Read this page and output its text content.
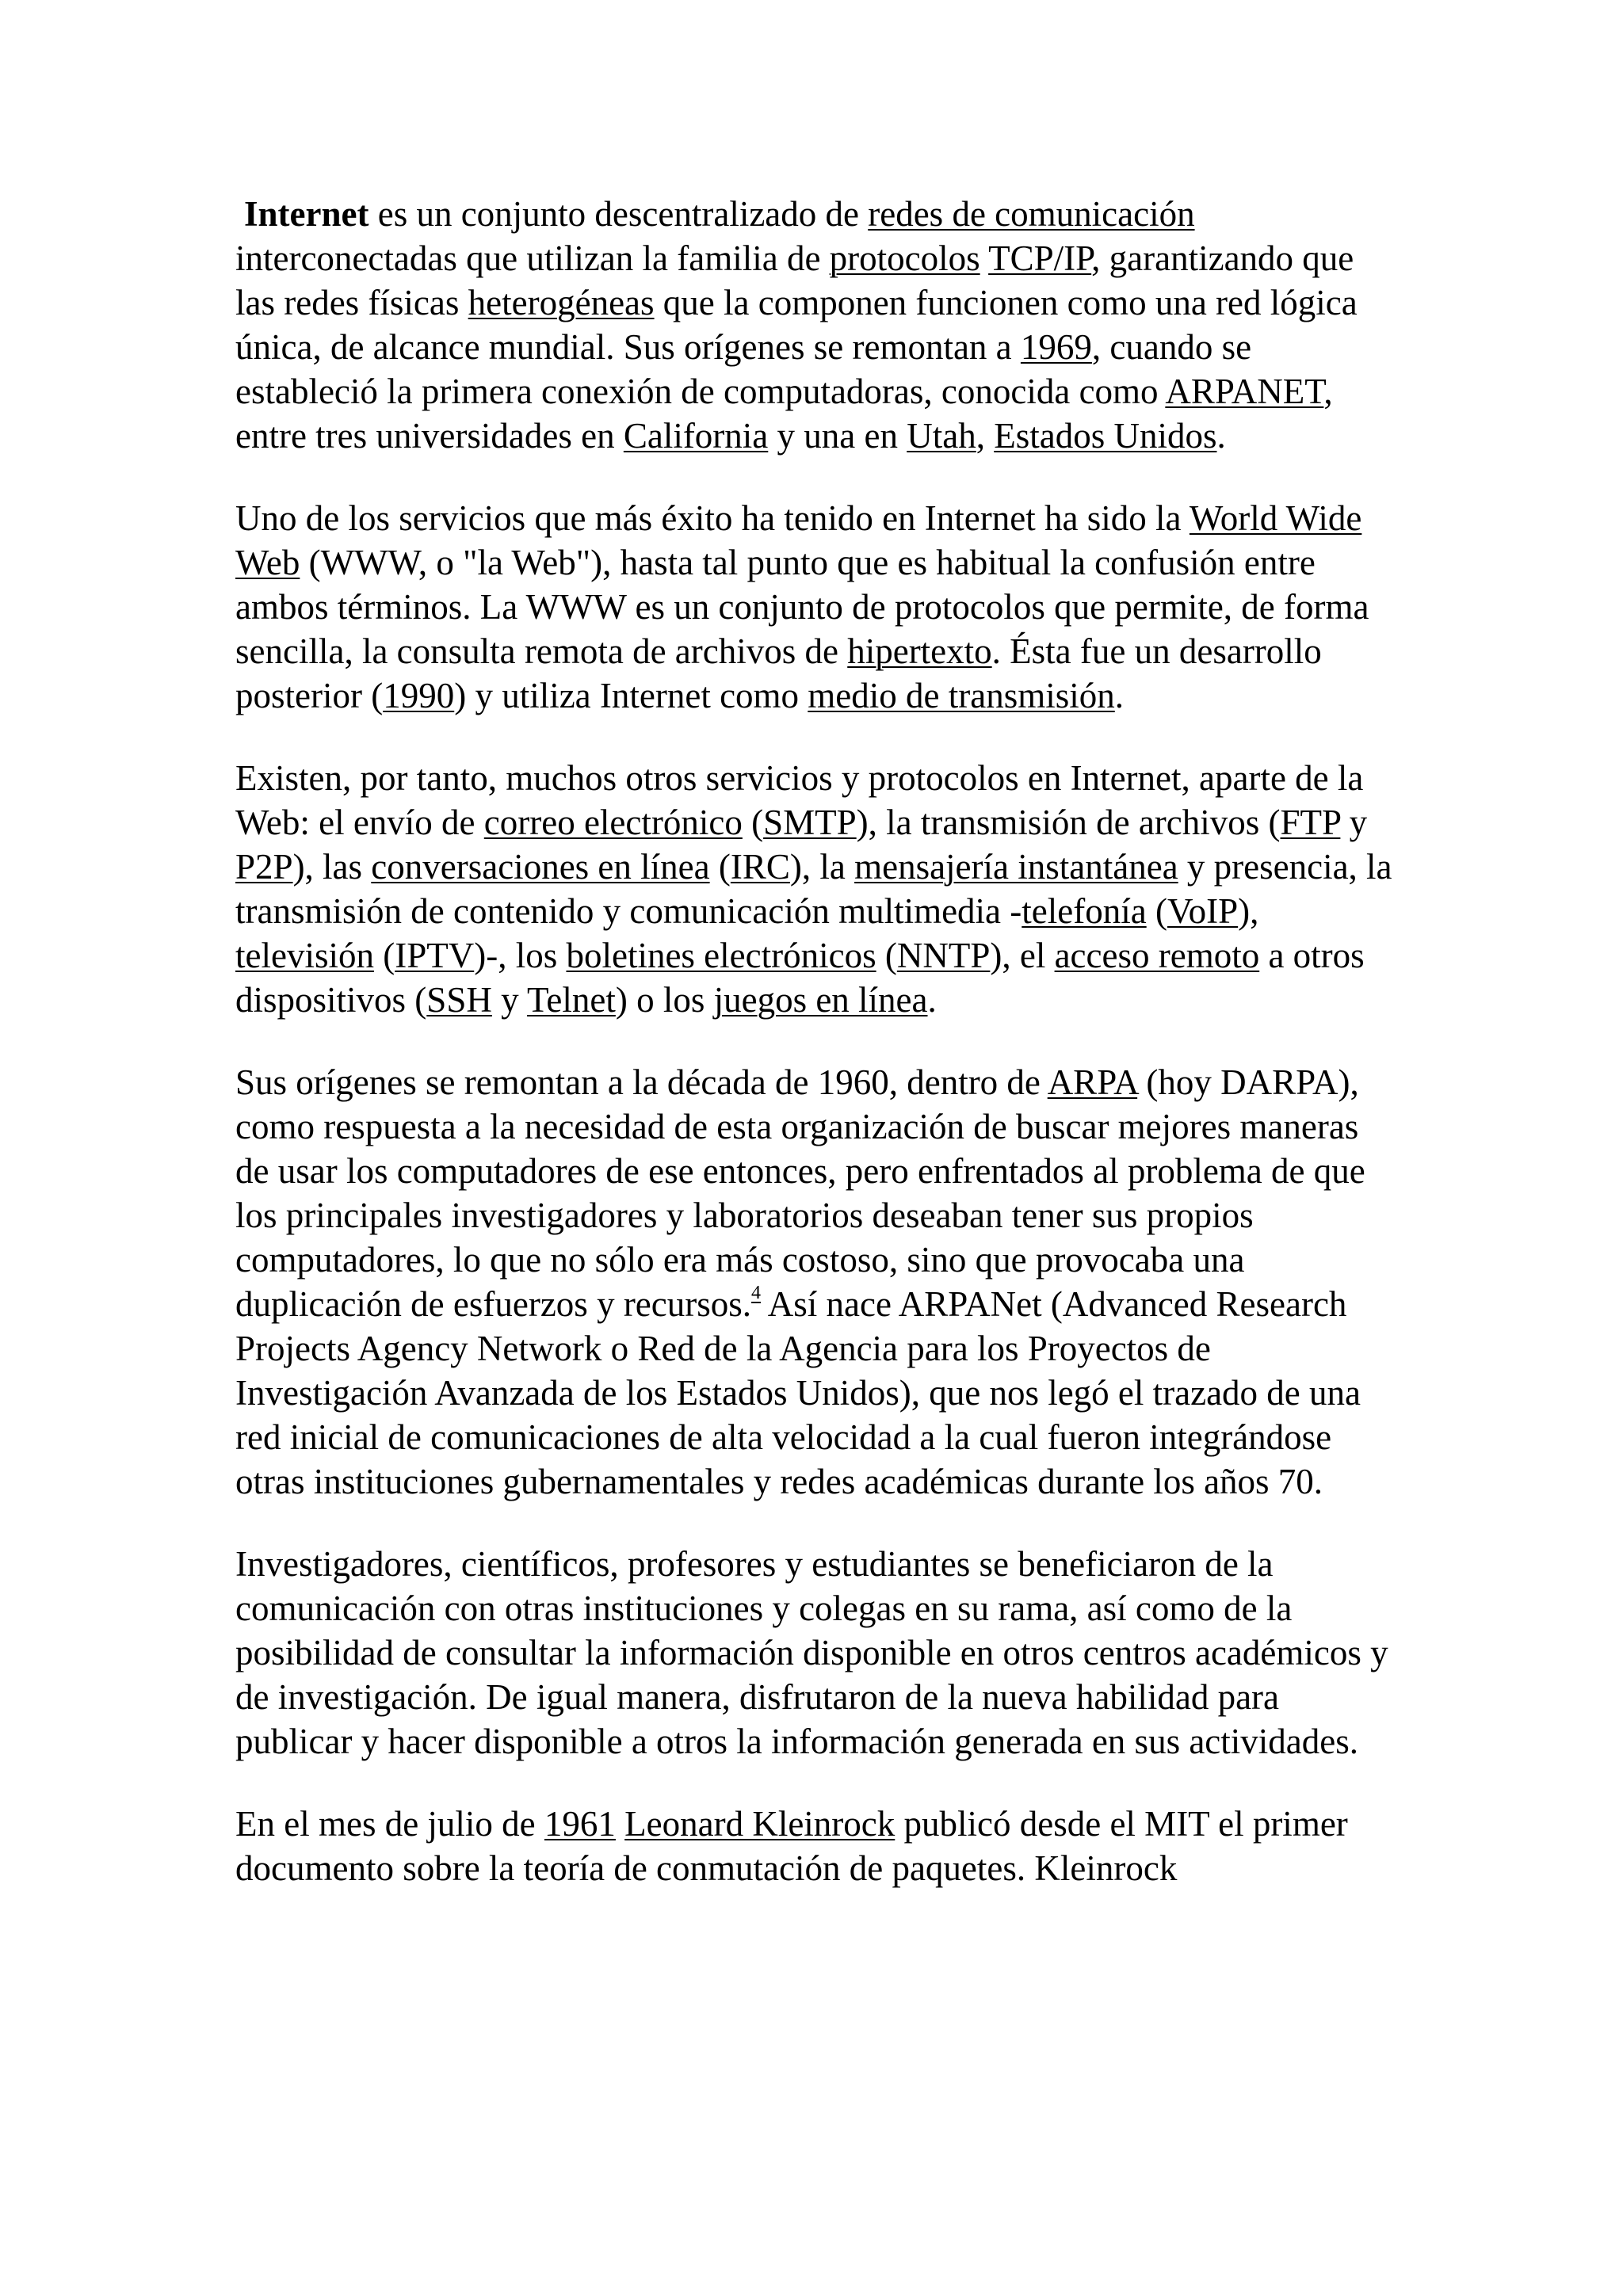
Internet es un conjunto descentralizado de redes de comunicación interconectadas que utilizan la familia de protocolos TCP/IP, garantizando que las redes físicas heterogéneas que la componen funcionen como una red lógica única, de alcance mundial. Sus orígenes se remontan a 1969, cuando se estableció la primera conexión de computadoras, conocida como ARPANET, entre tres universidades en California y una en Utah, Estados Unidos.

Uno de los servicios que más éxito ha tenido en Internet ha sido la World Wide Web (WWW, o "la Web"), hasta tal punto que es habitual la confusión entre ambos términos. La WWW es un conjunto de protocolos que permite, de forma sencilla, la consulta remota de archivos de hipertexto. Ésta fue un desarrollo posterior (1990) y utiliza Internet como medio de transmisión.

Existen, por tanto, muchos otros servicios y protocolos en Internet, aparte de la Web: el envío de correo electrónico (SMTP), la transmisión de archivos (FTP y P2P), las conversaciones en línea (IRC), la mensajería instantánea y presencia, la transmisión de contenido y comunicación multimedia -telefonía (VoIP), televisión (IPTV)-, los boletines electrónicos (NNTP), el acceso remoto a otros dispositivos (SSH y Telnet) o los juegos en línea.

Sus orígenes se remontan a la década de 1960, dentro de ARPA (hoy DARPA), como respuesta a la necesidad de esta organización de buscar mejores maneras de usar los computadores de ese entonces, pero enfrentados al problema de que los principales investigadores y laboratorios deseaban tener sus propios computadores, lo que no sólo era más costoso, sino que provocaba una duplicación de esfuerzos y recursos.$^4$ Así nace ARPANet (Advanced Research Projects Agency Network o Red de la Agencia para los Proyectos de Investigación Avanzada de los Estados Unidos), que nos legó el trazado de una red inicial de comunicaciones de alta velocidad a la cual fueron integrándose otras instituciones gubernamentales y redes académicas durante los años 70.

Investigadores, científicos, profesores y estudiantes se beneficiaron de la comunicación con otras instituciones y colegas en su rama, así como de la posibilidad de consultar la información disponible en otros centros académicos y de investigación. De igual manera, disfrutaron de la nueva habilidad para publicar y hacer disponible a otros la información generada en sus actividades.

En el mes de julio de 1961 Leonard Kleinrock publicó desde el MIT el primer documento sobre la teoría de conmutación de paquetes. Kleinrock
